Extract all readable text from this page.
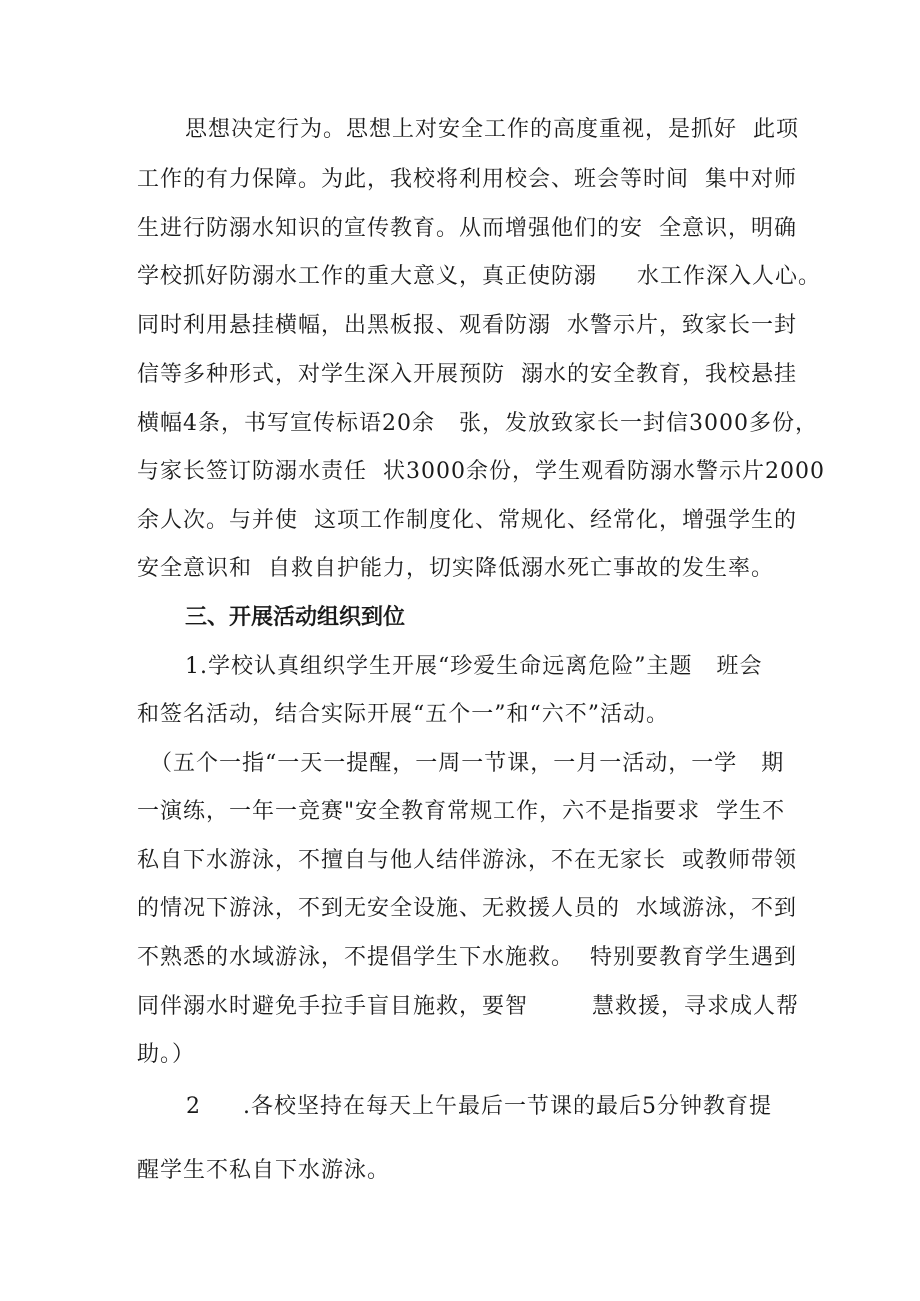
思想决定行为。思想上对安全工作的高度重视，是抓好  此项
工作的有力保障。为此，我校将利用校会、班会等时间  集中对师
生进行防溺水知识的宣传教育。从而增强他们的安  全意识，明确
学校抓好防溺水工作的重大意义，真正使防溺     水工作深入人心。
同时利用悬挂横幅，出黑板报、观看防溺  水警示片，致家长一封
信等多种形式，对学生深入开展预防  溺水的安全教育，我校悬挂
横幅4条，书写宣传标语20余   张，发放致家长一封信3000多份，
与家长签订防溺水责任  状3000余份，学生观看防溺水警示片2000
余人次。与并使  这项工作制度化、常规化、经常化，增强学生的
安全意识和  自救自护能力，切实降低溺水死亡事故的发生率。
三、开展活动组织到位
1.学校认真组织学生开展“珍爱生命远离危险”主题   班会
和签名活动，结合实际开展“五个一”和“六不”活动。
（五个一指“一天一提醒，一周一节课，一月一活动，一学   期
一演练，一年一竞赛"安全教育常规工作，六不是指要求  学生不
私自下水游泳，不擅自与他人结伴游泳，不在无家长  或教师带领
的情况下游泳，不到无安全设施、无救援人员的  水域游泳，不到
不熟悉的水域游泳，不提倡学生下水施救。  特别要教育学生遇到
同伴溺水时避免手拉手盲目施救，要智        慧救援，寻求成人帮
助。）
2 .各校坚持在每天上午最后一节课的最后5分钟教育提
醒学生不私自下水游泳。
